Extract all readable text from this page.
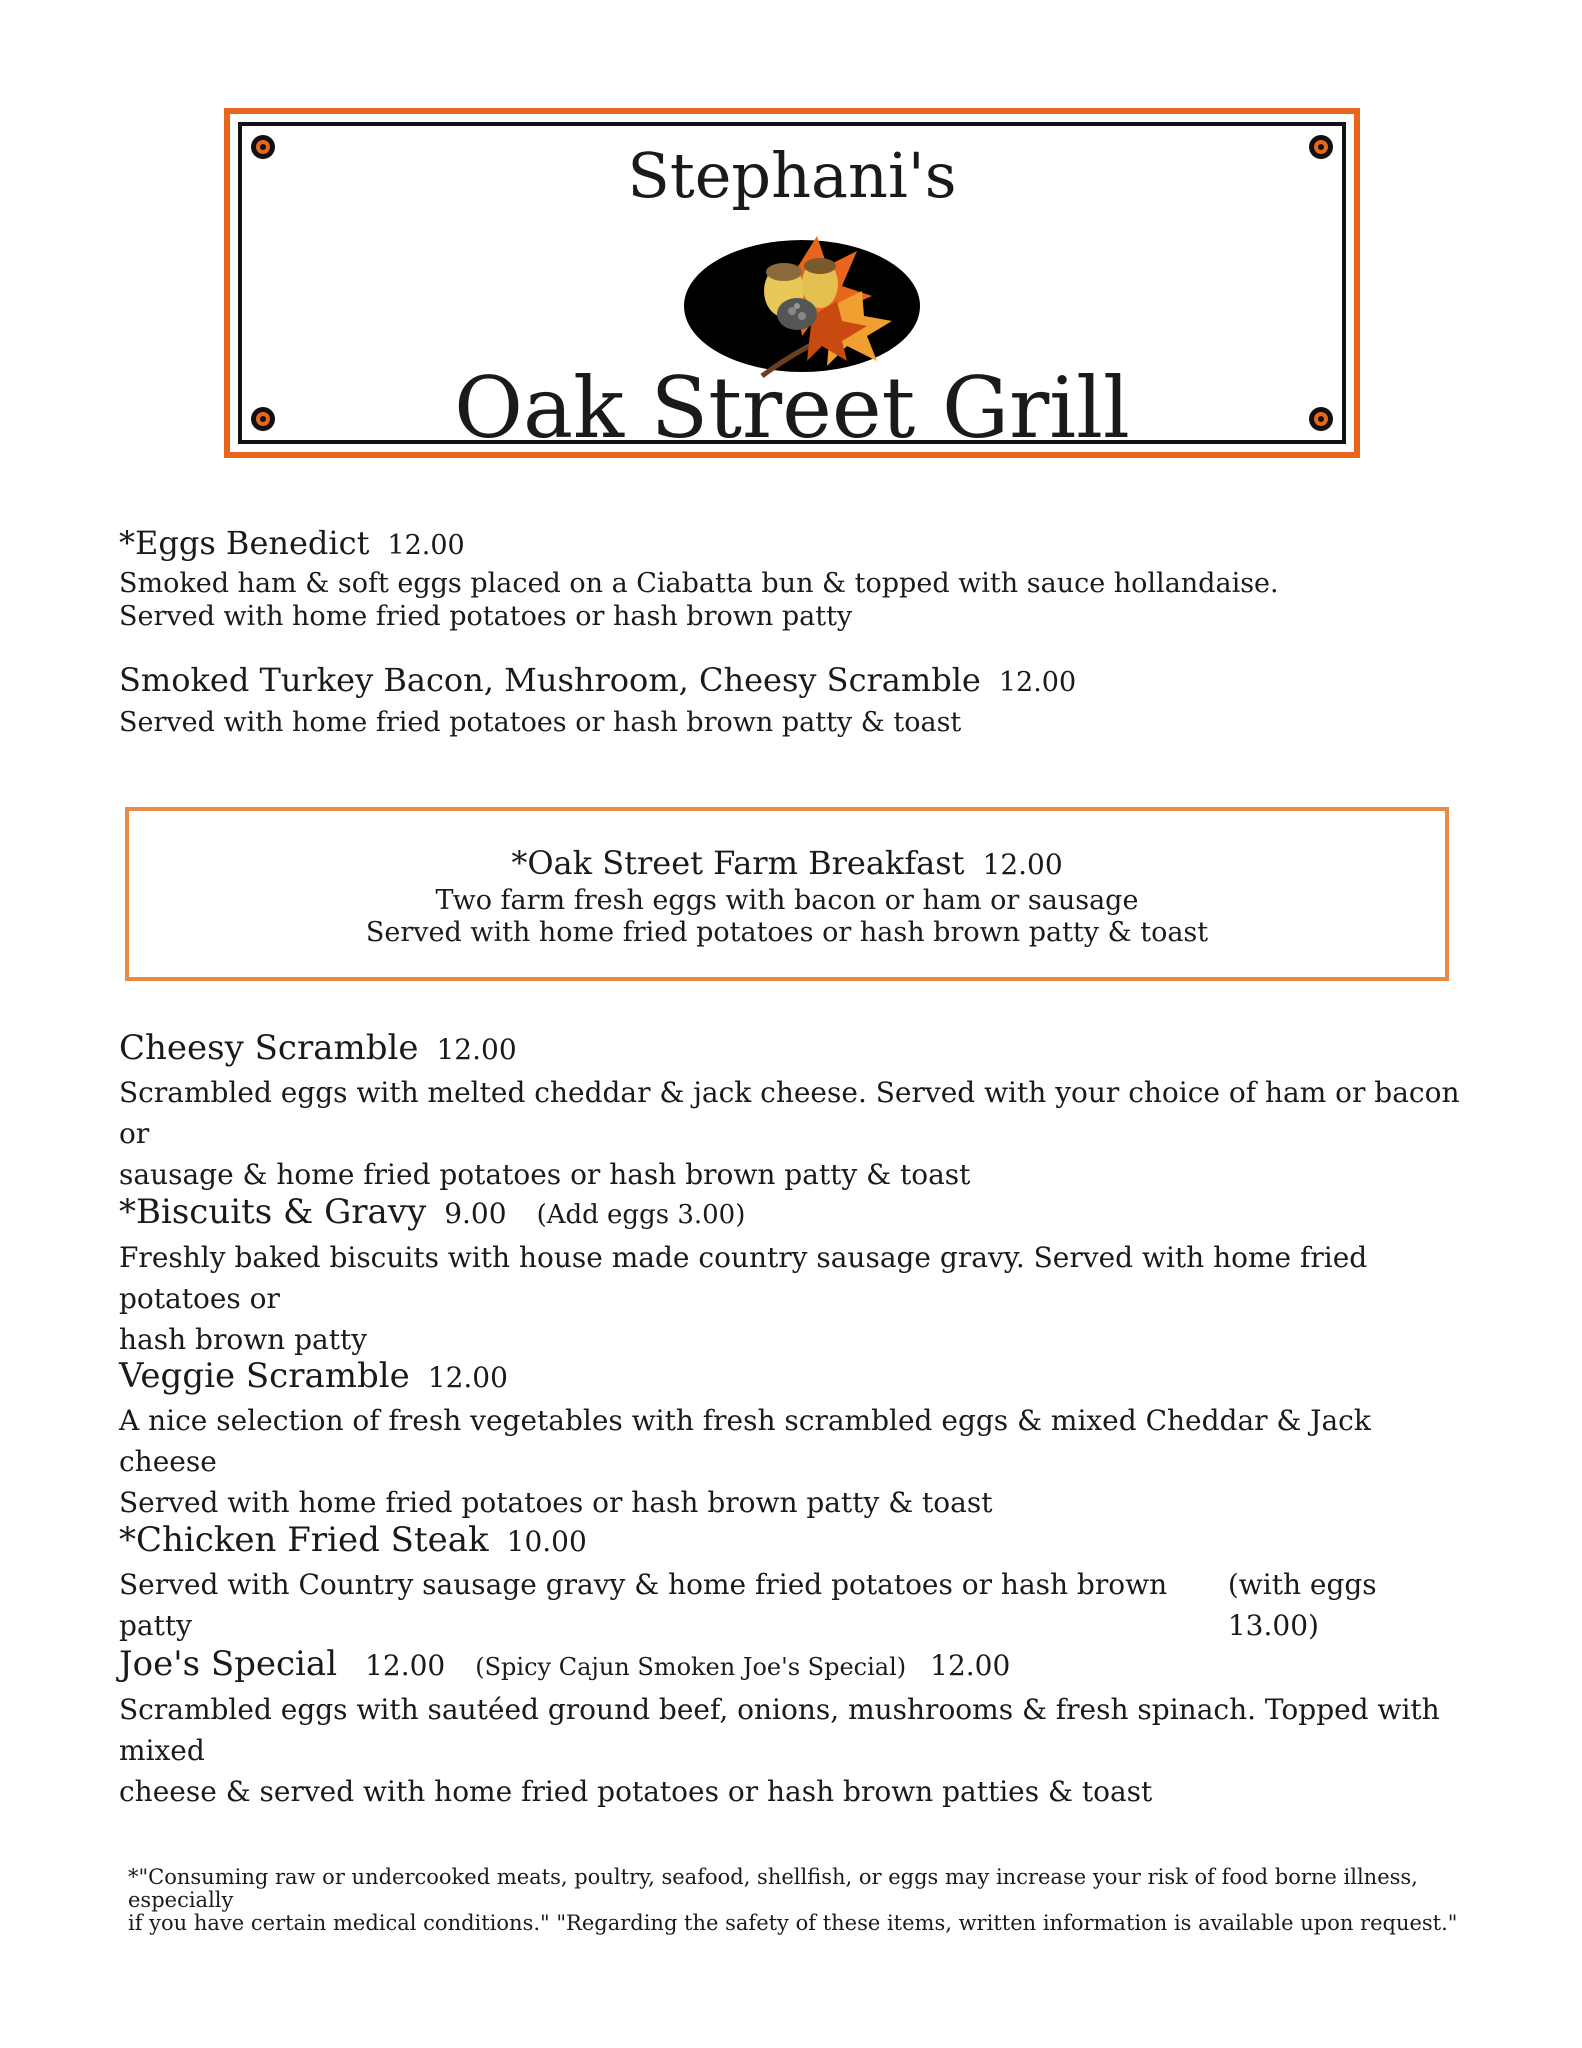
Stephani's
Oak Street Grill
*Eggs Benedict 12.00
Smoked ham & soft eggs placed on a Ciabatta bun & topped with sauce hollandaise.
Served with home fried potatoes or hash brown patty
Smoked Turkey Bacon, Mushroom, Cheesy Scramble 12.00
Served with home fried potatoes or hash brown patty & toast
*Oak Street Farm Breakfast 12.00
Two farm fresh eggs with bacon or ham or sausage
Served with home fried potatoes or hash brown patty & toast
Cheesy Scramble 12.00
Scrambled eggs with melted cheddar & jack cheese. Served with your choice of ham or bacon or
sausage & home fried potatoes or hash brown patty & toast
*Biscuits & Gravy 9.00 (Add eggs 3.00)
Freshly baked biscuits with house made country sausage gravy. Served with home fried potatoes or
hash brown patty
Veggie Scramble 12.00
A nice selection of fresh vegetables with fresh scrambled eggs & mixed Cheddar & Jack cheese
Served with home fried potatoes or hash brown patty & toast
*Chicken Fried Steak 10.00
Served with Country sausage gravy & home fried potatoes or hash brown patty
(with eggs 13.00)
Joe's Special 12.00 (Spicy Cajun Smoken Joe's Special) 12.00
Scrambled eggs with sautéed ground beef, onions, mushrooms & fresh spinach. Topped with mixed
cheese & served with home fried potatoes or hash brown patties & toast
*"Consuming raw or undercooked meats, poultry, seafood, shellfish, or eggs may increase your risk of food borne illness, especially
if you have certain medical conditions." "Regarding the safety of these items, written information is available upon request."
